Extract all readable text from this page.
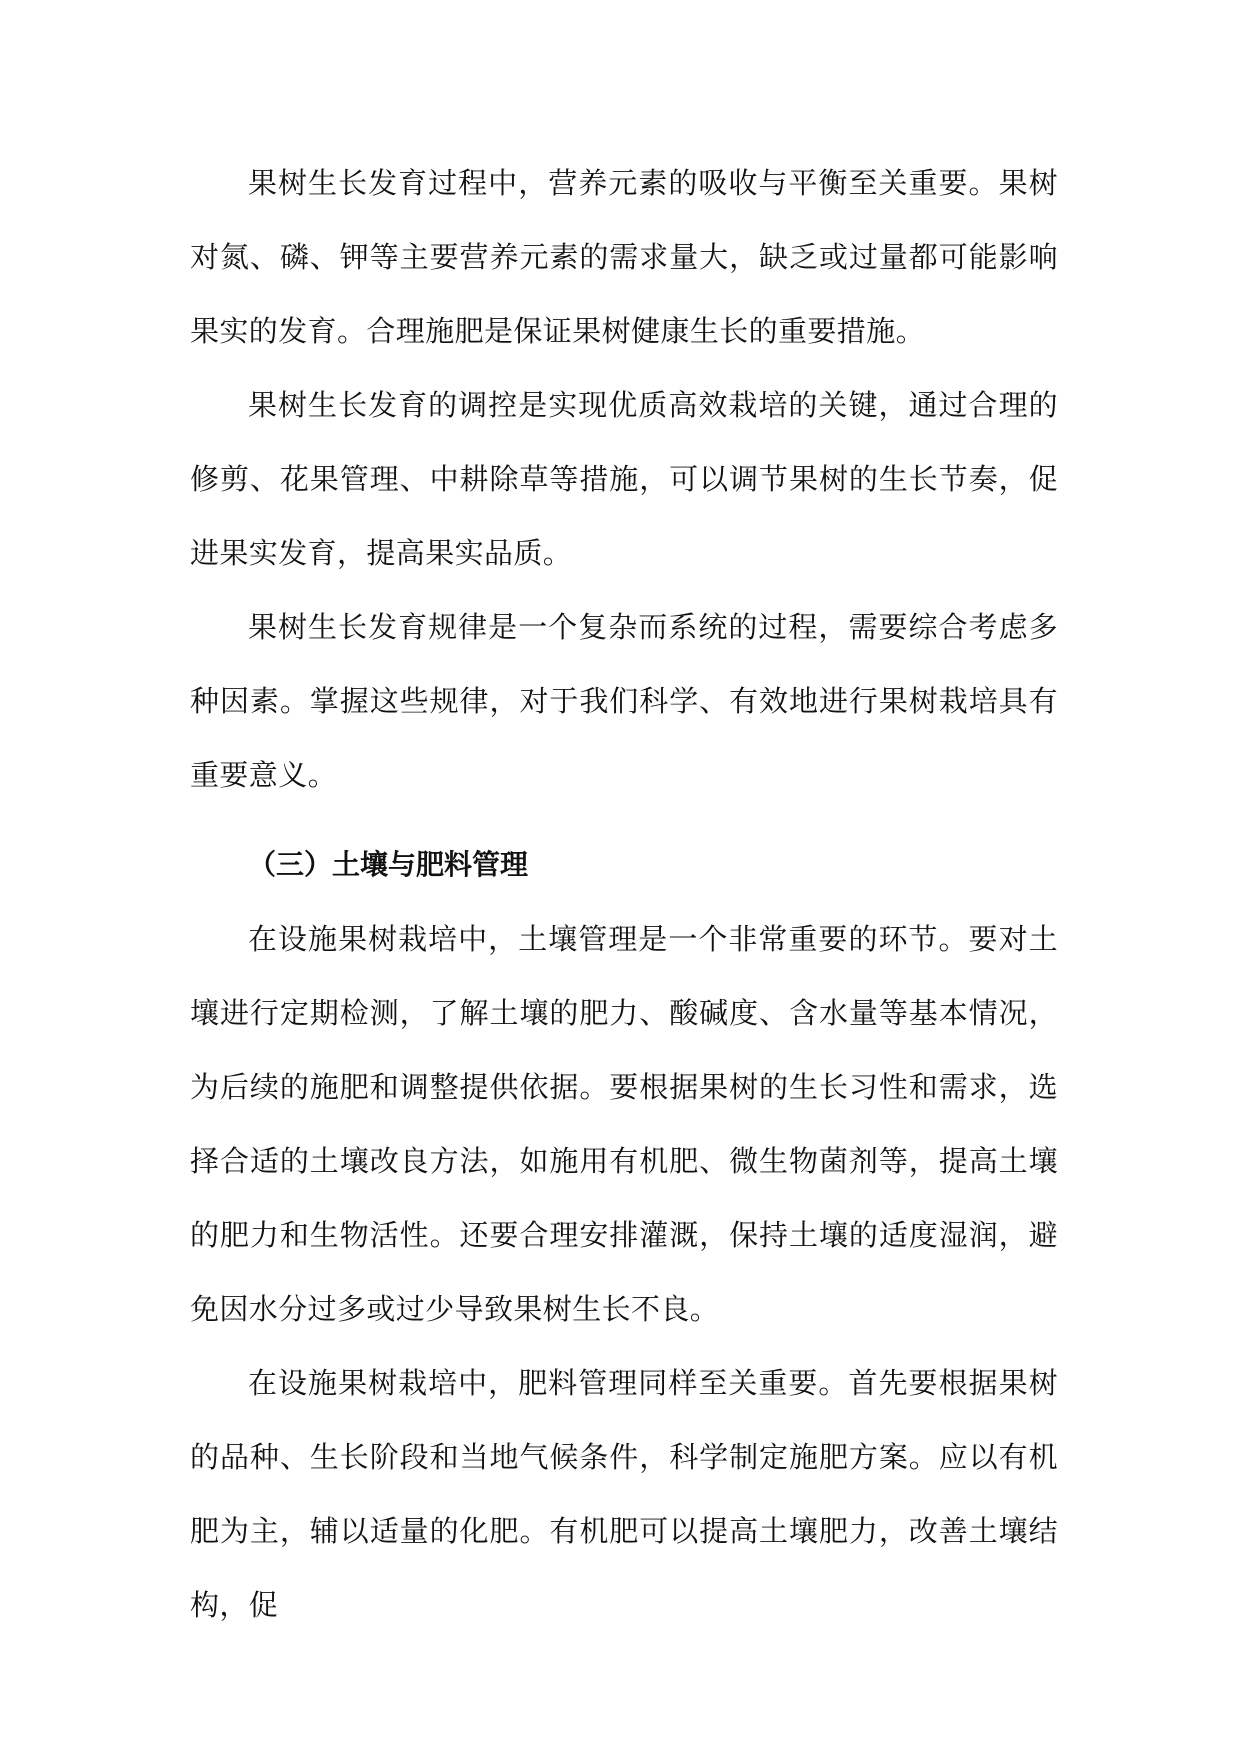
果树生长发育过程中，营养元素的吸收与平衡至关重要。果树对氮、磷、钾等主要营养元素的需求量大，缺乏或过量都可能影响果实的发育。合理施肥是保证果树健康生长的重要措施。

果树生长发育的调控是实现优质高效栽培的关键，通过合理的修剪、花果管理、中耕除草等措施，可以调节果树的生长节奏，促进果实发育，提高果实品质。

果树生长发育规律是一个复杂而系统的过程，需要综合考虑多种因素。掌握这些规律，对于我们科学、有效地进行果树栽培具有重要意义。

（三）土壤与肥料管理

在设施果树栽培中，土壤管理是一个非常重要的环节。要对土壤进行定期检测，了解土壤的肥力、酸碱度、含水量等基本情况，为后续的施肥和调整提供依据。要根据果树的生长习性和需求，选择合适的土壤改良方法，如施用有机肥、微生物菌剂等，提高土壤的肥力和生物活性。还要合理安排灌溉，保持土壤的适度湿润，避免因水分过多或过少导致果树生长不良。

在设施果树栽培中，肥料管理同样至关重要。首先要根据果树的品种、生长阶段和当地气候条件，科学制定施肥方案。应以有机肥为主，辅以适量的化肥。有机肥可以提高土壤肥力，改善土壤结构，促
